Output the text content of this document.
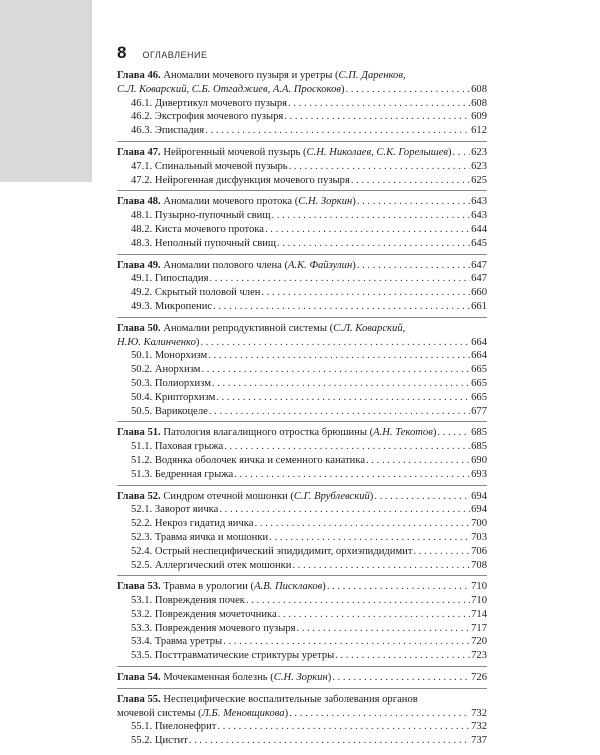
8 ОГЛАВЛЕНИЕ
Глава 46. Аномалии мочевого пузыря и уретры (С.П. Даренков,
С.Л. Коварский, С.Б. Отгаджиев, А.А. Проскоков) . . .	608
46.1. Дивертикул мочевого пузыря . . .	608
46.2. Экстрофия мочевого пузыря . . .	609
46.3. Эписпадия . . .	612
Глава 47. Нейрогенный мочевой пузырь (С.Н. Николаев, С.К. Горелышев) . . . 623
47.1. Спинальный мочевой пузырь . . .	623
47.2. Нейрогенная дисфункция мочевого пузыря . . .	625
Глава 48. Аномалии мочевого протока (С.Н. Зоркин) . . .	643
48.1. Пузырно-пупочный свищ . . .	643
48.2. Киста мочевого протока . . .	644
48.3. Неполный пупочный свищ . . .	645
Глава 49. Аномалии полового члена (А.К. Файзулин) . . .	647
49.1. Гипоспадия . . .	647
49.2. Скрытый половой член . . .	660
49.3. Микропенис . . .	661
Глава 50. Аномалии репродуктивной системы (С.Л. Коварский,
Н.Ю. Калинченко) . . .	664
50.1. Монорхизм . . .	664
50.2. Анорхизм . . .	665
50.3. Полиорхизм . . .	665
50.4. Крипторхизм . . .	665
50.5. Варикоцеле . . .	677
Глава 51. Патология влагалищного отростка брюшины (А.Н. Текотов) . . .	685
51.1. Паховая грыжа . . .	685
51.2. Водянка оболочек яичка и семенного канатика . . .	690
51.3. Бедренная грыжа . . .	693
Глава 52. Синдром отечной мошонки (С.Г. Врублевский) . . .	694
52.1. Заворот яичка . . .	694
52.2. Некроз гидатид яичка . . .	700
52.3. Травма яичка и мошонки . . .	703
52.4. Острый неспецифический эпидидимит, орхиэпидидимит . . .	706
52.5. Аллергический отек мошонки . . .	708
Глава 53. Травма в урологии (А.В. Писклаков) . . .	710
53.1. Повреждения почек . . .	710
53.2. Повреждения мочеточника . . .	714
53.3. Повреждения мочевого пузыря . . .	717
53.4. Травма уретры . . .	720
53.5. Посттравматические стриктуры уретры . . .	723
Глава 54. Мочекаменная болезнь (С.Н. Зоркин) . . .	726
Глава 55. Неспецифические воспалительные заболевания органов
мочевой системы (Л.Б. Меновщикова) . . .	732
55.1. Пиелонефрит . . .	732
55.2. Цистит . . .	737
